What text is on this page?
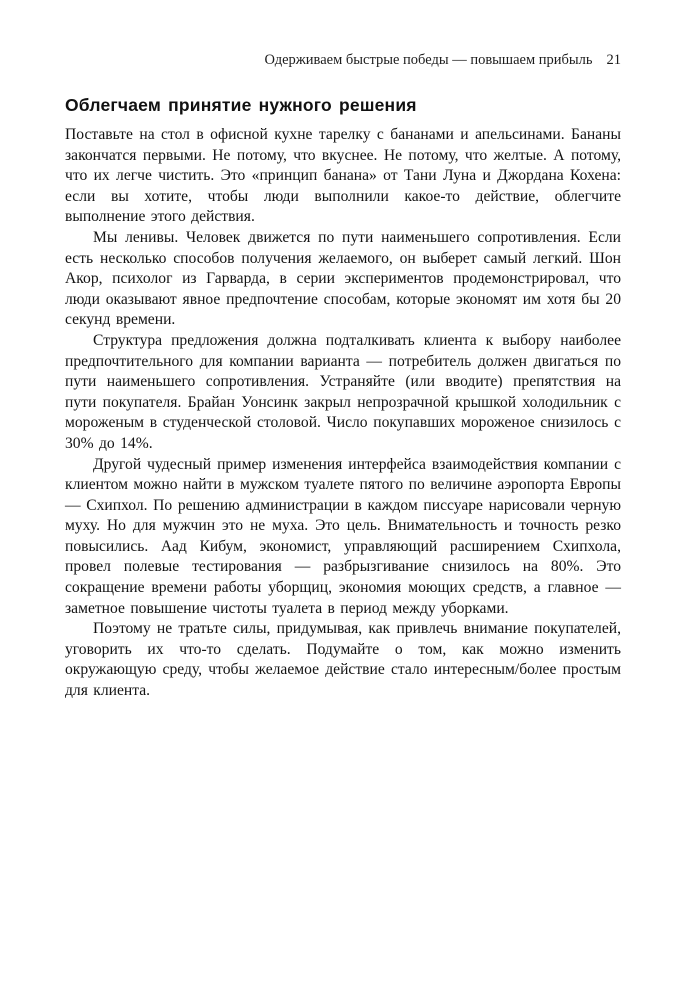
Одерживаем быстрые победы — повышаем прибыль 21
Облегчаем принятие нужного решения

Поставьте на стол в офисной кухне тарелку с бананами и апельсинами. Бананы закончатся первыми. Не потому, что вкуснее. Не потому, что желтые. А потому, что их легче чистить. Это «принцип банана» от Тани Луна и Джордана Кохена: если вы хотите, чтобы люди выполнили какое-то действие, облегчите выполнение этого действия.

Мы ленивы. Человек движется по пути наименьшего сопротивления. Если есть несколько способов получения желаемого, он выберет самый легкий. Шон Акор, психолог из Гарварда, в серии экспериментов продемонстрировал, что люди оказывают явное предпочтение способам, которые экономят им хотя бы 20 секунд времени.

Структура предложения должна подталкивать клиента к выбору наиболее предпочтительного для компании варианта — потребитель должен двигаться по пути наименьшего сопротивления. Устраняйте (или вводите) препятствия на пути покупателя. Брайан Уонсинк закрыл непрозрачной крышкой холодильник с мороженым в студенческой столовой. Число покупавших мороженое снизилось с 30% до 14%.

Другой чудесный пример изменения интерфейса взаимодействия компании с клиентом можно найти в мужском туалете пятого по величине аэропорта Европы — Схипхол. По решению администрации в каждом писсуаре нарисовали черную муху. Но для мужчин это не муха. Это цель. Внимательность и точность резко повысились. Аад Кибум, экономист, управляющий расширением Схипхола, провел полевые тестирования — разбрызгивание снизилось на 80%. Это сокращение времени работы уборщиц, экономия моющих средств, а главное — заметное повышение чистоты туалета в период между уборками.

Поэтому не тратьте силы, придумывая, как привлечь внимание покупателей, уговорить их что-то сделать. Подумайте о том, как можно изменить окружающую среду, чтобы желаемое действие стало интересным/более простым для клиента.
